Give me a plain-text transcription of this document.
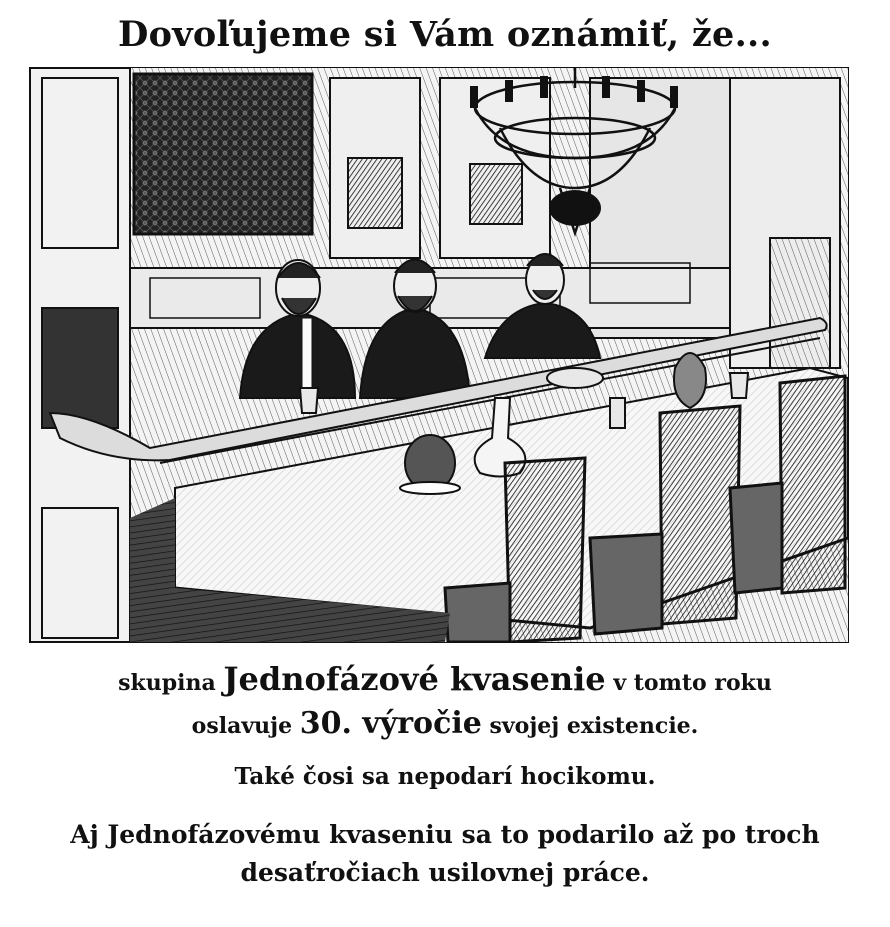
Dovoľujeme si Vám oznámiť, že...
skupina Jednofázové kvasenie v tomto roku
oslavuje 30. výročie svojej existencie.
Také čosi sa nepodarí hocikomu.
Aj Jednofázovému kvaseniu sa to podarilo až po troch
desaťročiach usilovnej práce.
